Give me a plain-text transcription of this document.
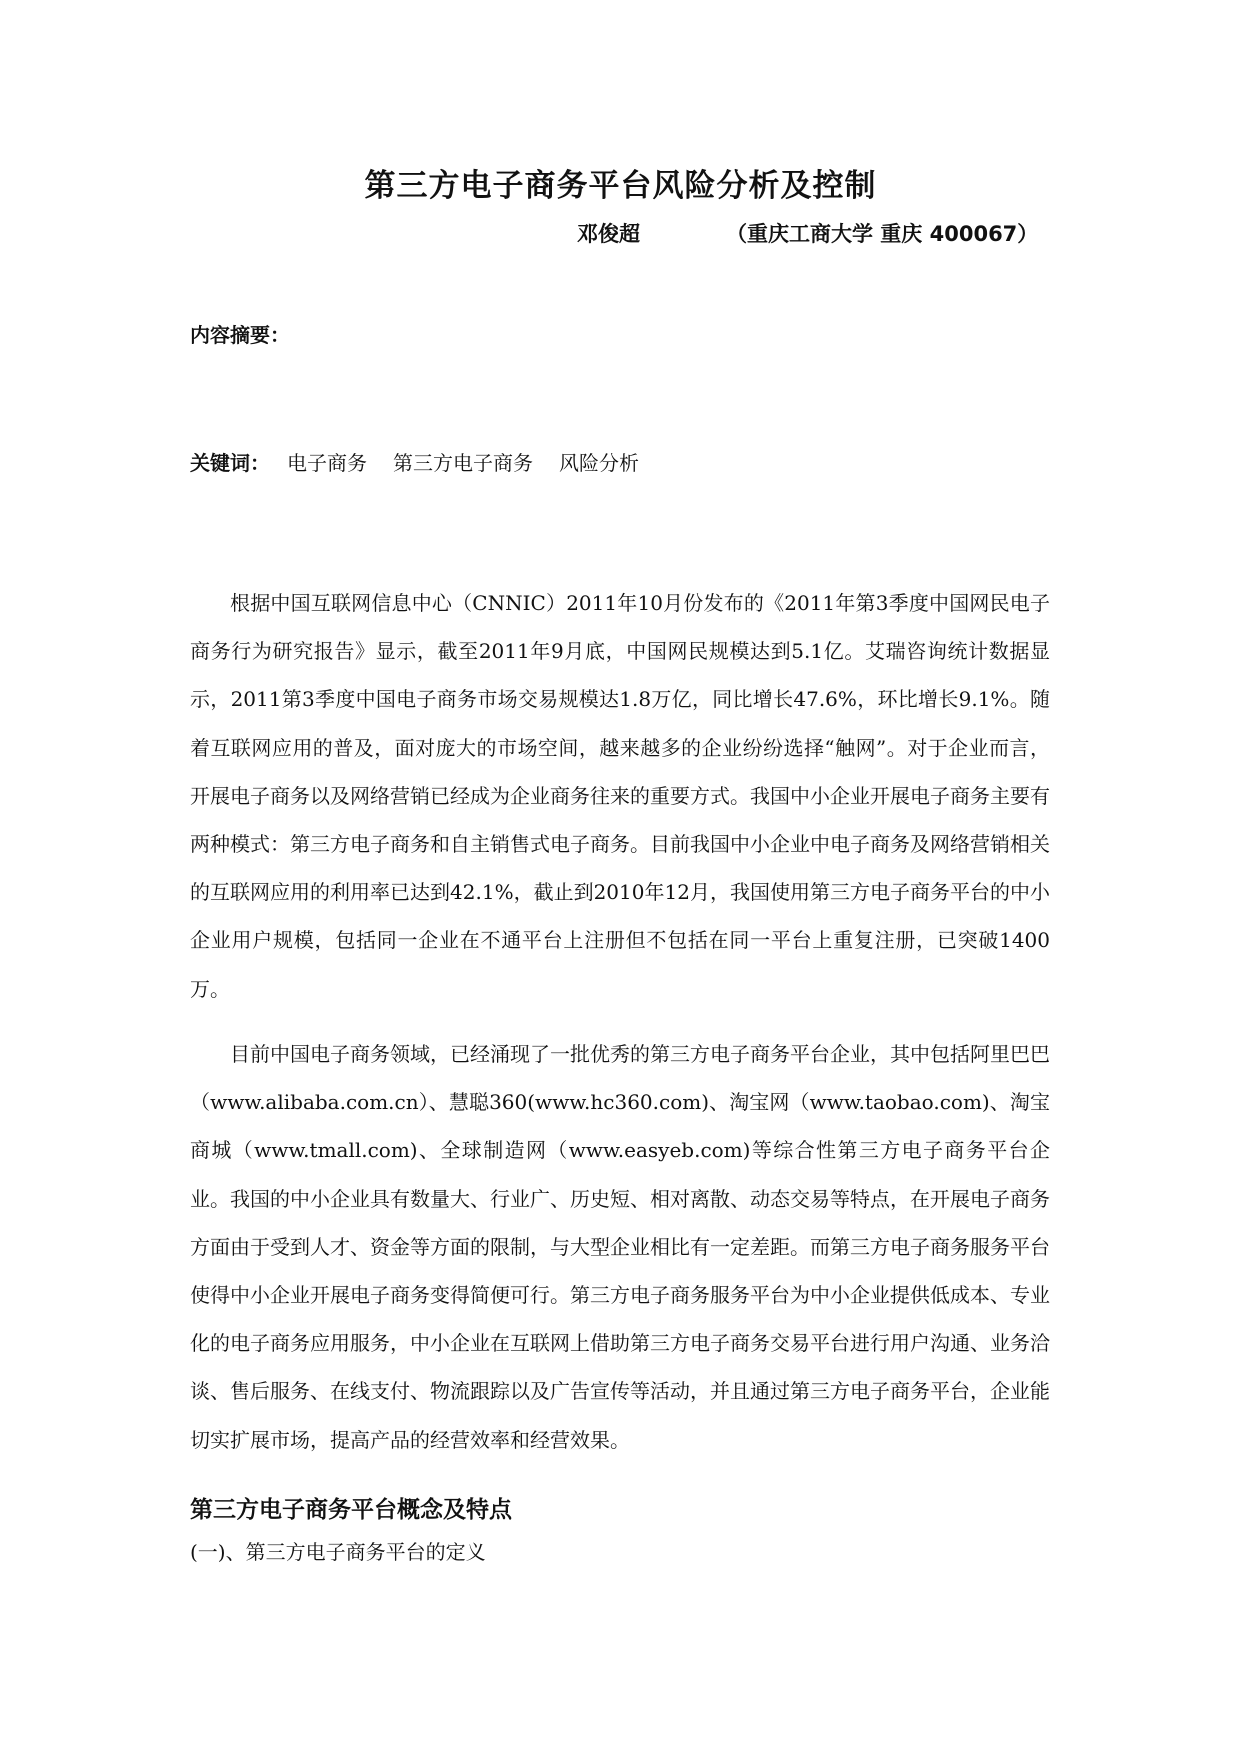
第三方电子商务平台风险分析及控制
邓俊超	（重庆工商大学 重庆 400067）
内容摘要：
关键词： 电子商务 第三方电子商务 风险分析
根据中国互联网信息中心（CNNIC）2011年10月份发布的《2011年第3季度中国网民电子商务行为研究报告》显示，截至2011年9月底，中国网民规模达到5.1亿。艾瑞咨询统计数据显示，2011第3季度中国电子商务市场交易规模达1.8万亿，同比增长47.6%，环比增长9.1%。随着互联网应用的普及，面对庞大的市场空间，越来越多的企业纷纷选择“触网”。对于企业而言，开展电子商务以及网络营销已经成为企业商务往来的重要方式。我国中小企业开展电子商务主要有两种模式：第三方电子商务和自主销售式电子商务。目前我国中小企业中电子商务及网络营销相关的互联网应用的利用率已达到42.1%，截止到2010年12月，我国使用第三方电子商务平台的中小企业用户规模，包括同一企业在不通平台上注册但不包括在同一平台上重复注册，已突破1400万。
目前中国电子商务领域，已经涌现了一批优秀的第三方电子商务平台企业，其中包括阿里巴巴（www.alibaba.com.cn）、慧聪360(www.hc360.com)、淘宝网（www.taobao.com)、淘宝商城（www.tmall.com)、全球制造网（www.easyeb.com)等综合性第三方电子商务平台企业。我国的中小企业具有数量大、行业广、历史短、相对离散、动态交易等特点，在开展电子商务方面由于受到人才、资金等方面的限制，与大型企业相比有一定差距。而第三方电子商务服务平台使得中小企业开展电子商务变得简便可行。第三方电子商务服务平台为中小企业提供低成本、专业化的电子商务应用服务，中小企业在互联网上借助第三方电子商务交易平台进行用户沟通、业务洽谈、售后服务、在线支付、物流跟踪以及广告宣传等活动，并且通过第三方电子商务平台，企业能切实扩展市场，提高产品的经营效率和经营效果。
第三方电子商务平台概念及特点
(一)、第三方电子商务平台的定义
